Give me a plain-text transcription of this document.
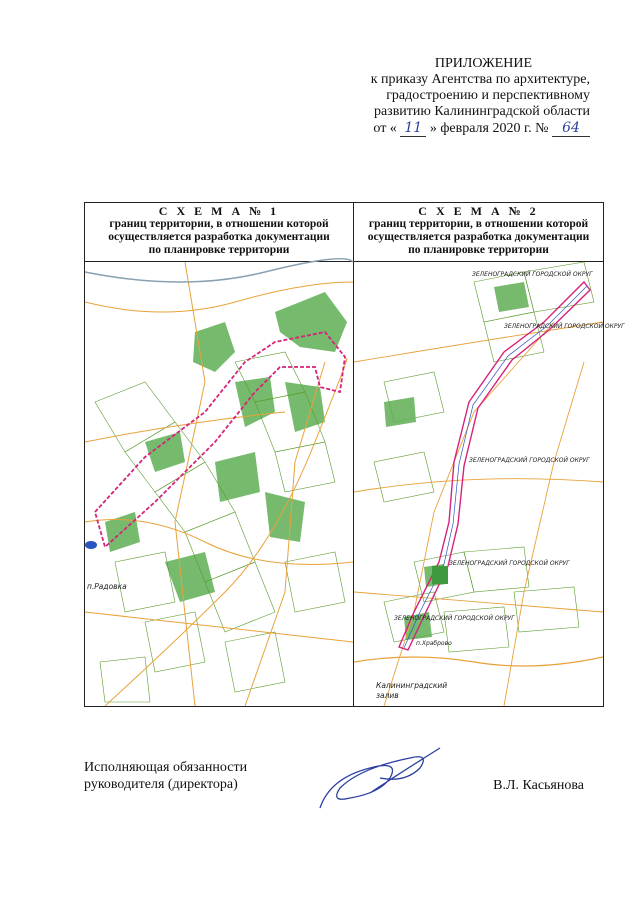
ПРИЛОЖЕНИЕ
к приказу Агентства по архитектуре,
градостроению и перспективному
развитию Калининградской области
от « 11 » февраля 2020 г. № 64
С Х Е М А № 1
границ территории, в отношении которой
осуществляется разработка документации
по планировке территории
п.Радовка
С Х Е М А № 2
границ территории, в отношении которой
осуществляется разработка документации
по планировке территории
ЗЕЛЕНОГРАДСКИЙ ГОРОДСКОЙ ОКРУГ
ЗЕЛЕНОГРАДСКИЙ ГОРОДСКОЙ ОКРУГ
ЗЕЛЕНОГРАДСКИЙ ГОРОДСКОЙ ОКРУГ
ЗЕЛЕНОГРАДСКИЙ ГОРОДСКОЙ ОКРУГ
ЗЕЛЕНОГРАДСКИЙ ГОРОДСКОЙ ОКРУГ
п.Храброво
Калининградский
залив
Исполняющая обязанности
руководителя (директора)	В.Л. Касьянова
